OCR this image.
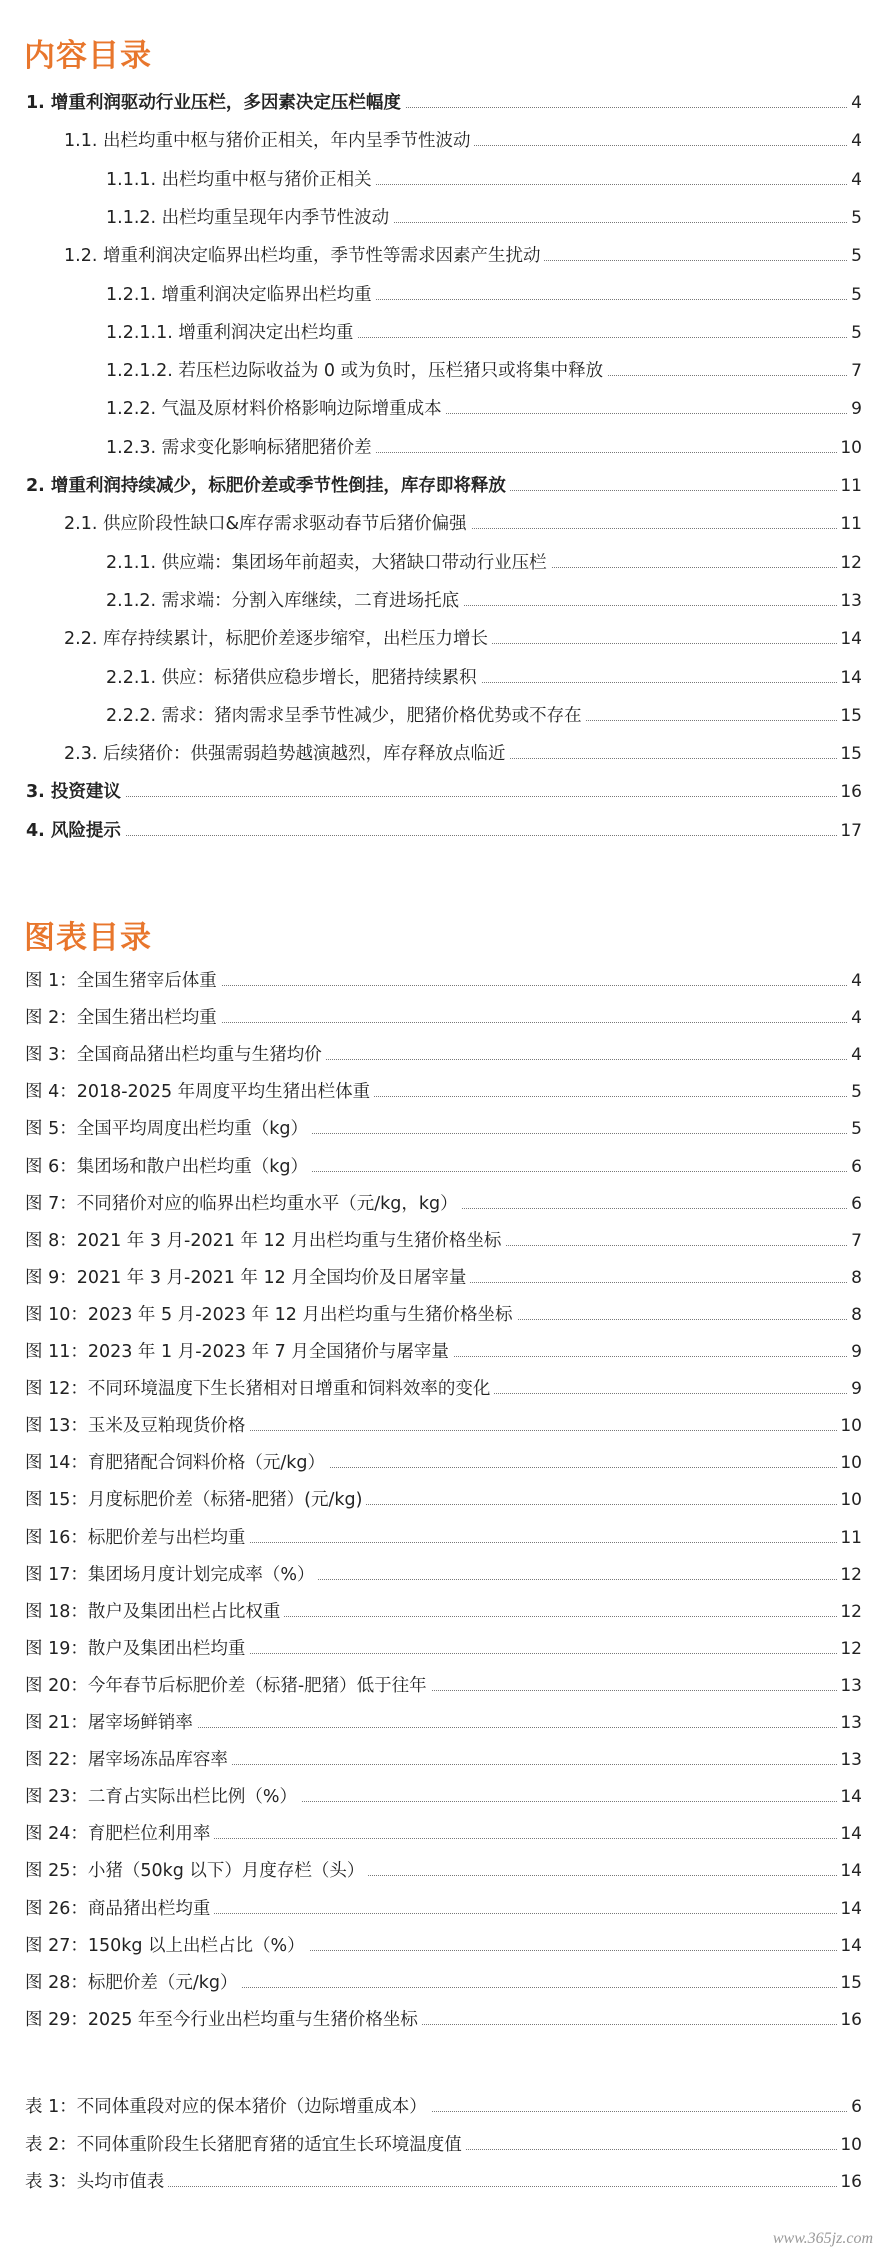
内容目录
1. 增重利润驱动行业压栏，多因素决定压栏幅度	4
1.1. 出栏均重中枢与猪价正相关，年内呈季节性波动	4
1.1.1. 出栏均重中枢与猪价正相关	4
1.1.2. 出栏均重呈现年内季节性波动	5
1.2. 增重利润决定临界出栏均重，季节性等需求因素产生扰动	5
1.2.1. 增重利润决定临界出栏均重	5
1.2.1.1. 增重利润决定出栏均重	5
1.2.1.2. 若压栏边际收益为 0 或为负时，压栏猪只或将集中释放	7
1.2.2. 气温及原材料价格影响边际增重成本	9
1.2.3. 需求变化影响标猪肥猪价差	10
2. 增重利润持续减少，标肥价差或季节性倒挂，库存即将释放	11
2.1. 供应阶段性缺口&库存需求驱动春节后猪价偏强	11
2.1.1. 供应端：集团场年前超卖，大猪缺口带动行业压栏	12
2.1.2. 需求端：分割入库继续，二育进场托底	13
2.2. 库存持续累计，标肥价差逐步缩窄，出栏压力增长	14
2.2.1. 供应：标猪供应稳步增长，肥猪持续累积	14
2.2.2. 需求：猪肉需求呈季节性减少，肥猪价格优势或不存在	15
2.3. 后续猪价：供强需弱趋势越演越烈，库存释放点临近	15
3. 投资建议	16
4. 风险提示	17
图表目录
图 1：全国生猪宰后体重	4
图 2：全国生猪出栏均重	4
图 3：全国商品猪出栏均重与生猪均价	4
图 4：2018-2025 年周度平均生猪出栏体重	5
图 5：全国平均周度出栏均重（kg）	5
图 6：集团场和散户出栏均重（kg）	6
图 7：不同猪价对应的临界出栏均重水平（元/kg，kg）	6
图 8：2021 年 3 月-2021 年 12 月出栏均重与生猪价格坐标	7
图 9：2021 年 3 月-2021 年 12 月全国均价及日屠宰量	8
图 10：2023 年 5 月-2023 年 12 月出栏均重与生猪价格坐标	8
图 11：2023 年 1 月-2023 年 7 月全国猪价与屠宰量	9
图 12：不同环境温度下生长猪相对日增重和饲料效率的变化	9
图 13：玉米及豆粕现货价格	10
图 14：育肥猪配合饲料价格（元/kg）	10
图 15：月度标肥价差（标猪-肥猪）(元/kg)	10
图 16：标肥价差与出栏均重	11
图 17：集团场月度计划完成率（%）	12
图 18：散户及集团出栏占比权重	12
图 19：散户及集团出栏均重	12
图 20：今年春节后标肥价差（标猪-肥猪）低于往年	13
图 21：屠宰场鲜销率	13
图 22：屠宰场冻品库容率	13
图 23：二育占实际出栏比例（%）	14
图 24：育肥栏位利用率	14
图 25：小猪（50kg 以下）月度存栏（头）	14
图 26：商品猪出栏均重	14
图 27：150kg 以上出栏占比（%）	14
图 28：标肥价差（元/kg）	15
图 29：2025 年至今行业出栏均重与生猪价格坐标	16
表 1：不同体重段对应的保本猪价（边际增重成本）	6
表 2：不同体重阶段生长猪肥育猪的适宜生长环境温度值	10
表 3：头均市值表	16
www.365jz.com
